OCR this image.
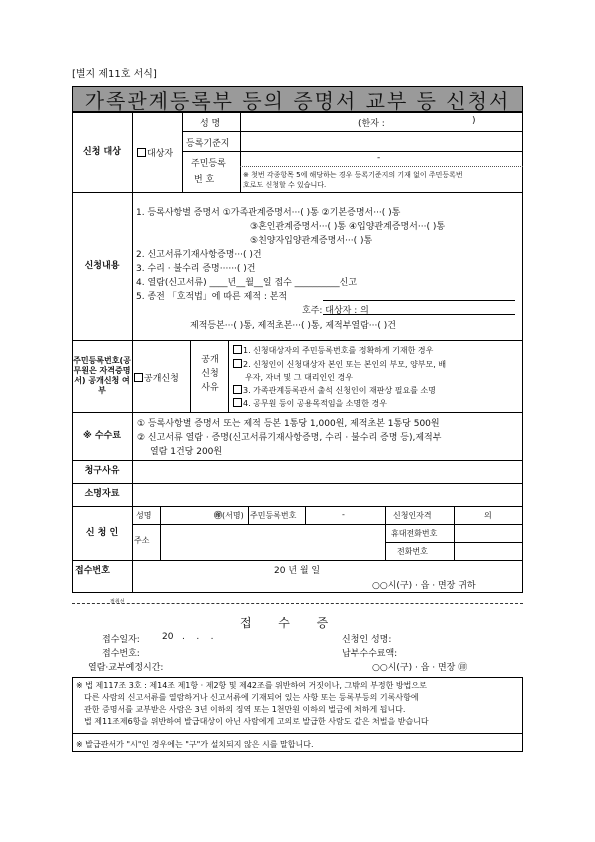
[별지 제11호 서식]
가족관계등록부 등의 증명서 교부 등 신청서
신청 대상	대상자
성 명	(한자 :	)
등록기준지
주민등록
번 호
-
※ 첫번 각종항목 5에 해당하는 경우 등록기준지의 기재 없이 주민등록번
호로도 신청할 수 있습니다.
신청내용
1. 등록사항별 증명서 ①가족관계증명서···( )통 ②기본증명서···( )통
③혼인관계증명서···( )통 ④입양관계증명서···( )통
⑤친양자입양관계증명서···( )통
2. 신고서류기재사항증명···( )건
3. 수리 · 불수리 증명······( )건
4. 열람(신고서류) ____년__월__일 접수 __________신고
5. 종전 「호적법」에 따른 제적 : 본적
호주: 대상자 : 의
제적등본···( )통, 제적초본···( )통, 제적부열람···( )건
주민등록번호(공무원은 자격증명서) 공개신청 여부
공개신청
공개 신청 사유
1. 신청대상자의 주민등록번호를 정확하게 기재한 경우
2. 신청인이 신청대상자 본인 또는 본인의 부모, 양부모, 배
우자, 자녀 및 그 대리인인 경우
3. 가족관계등록관서 출석 신청인이 재판상 필요를 소명
4. 공무원 등이 공용목적임을 소명한 경우
※ 수수료
① 등록사항별 증명서 또는 제적 등본 1통당 1,000원, 제적초본 1통당 500원
② 신고서류 열람 · 증명(신고서류기재사항증명, 수리 · 불수리 증명 등),제적부
열람 1건당 200원
청구사유
소명자료
신 청 인
성명	㊞(서명) 주민등록번호	-	신청인자격	의
주소
휴대전화번호
전화번호
접수번호	20 년 월 일
○○시(구) · 읍 · 면장 귀하
절취선
접       수       증
접수일자: 20   .    .    .	신청인 성명:
접수번호:	납부수수료액:
열람·교부예정시간:	○○시(구) · 읍 · 면장 ㊞
※ 법 제117조 3호 : 제14조 제1항 · 제2항 및 제42조를 위반하여 거짓이나, 그밖의 부정한 방법으로
다른 사람의 신고서류를 열람하거나 신고서류에 기재되어 있는 사항 또는 등록부등의 기록사항에
관한 증명서를 교부받은 사람은 3년 이하의 징역 또는 1천만원 이하의 벌금에 처하게 됩니다.
법 제11조제6항을 위반하여 발급대상이 아닌 사람에게 고의로 발급한 사람도 같은 처벌을 받습니다
※ 발급관서가 "시"인 경우에는 "구"가 설치되지 않은 시를 말합니다.
